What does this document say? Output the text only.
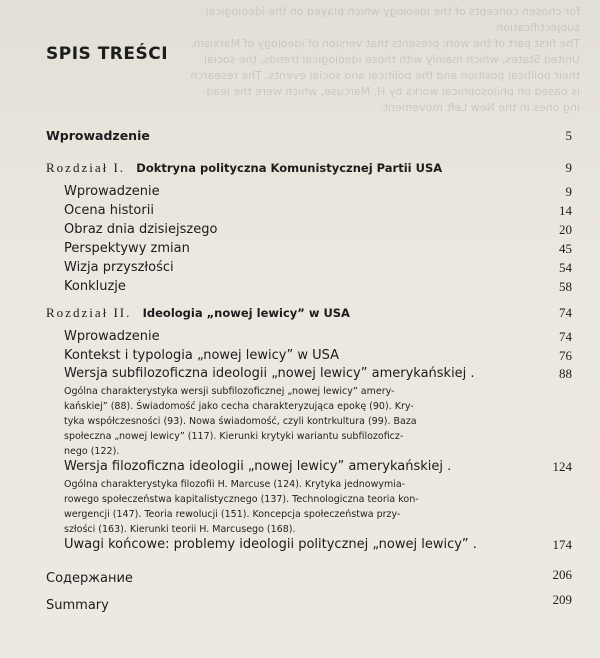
for chosen concepts of the ideology which played on the ideological
subjectification.
The first part of the work presents that version of ideology of Marxism.
United States, which mainly with those ideological trends, the social
their political position and the political and social events. The research
is based on philosophical works by H. Marcuse, which were the lead-
ing ones in the New Left movement.
SPIS TREŚCI
Wprowadzenie	5
Rozdział I. Doktryna polityczna Komunistycznej Partii USA	9
Wprowadzenie	9
Ocena historii	14
Obraz dnia dzisiejszego	20
Perspektywy zmian	45
Wizja przyszłości	54
Konkluzje	58
Rozdział II. Ideologia „nowej lewicy” w USA	74
Wprowadzenie	74
Kontekst i typologia „nowej lewicy” w USA	76
Wersja subfilozoficzna ideologii „nowej lewicy” amerykańskiej .	88
Ogólna charakterystyka wersji subfilozoficznej „nowej lewicy” amery-
kańskiej” (88). Świadomość jako cecha charakteryzująca epokę (90). Kry-
tyka współczesności (93). Nowa świadomość, czyli kontrkultura (99). Baza
społeczna „nowej lewicy” (117). Kierunki krytyki wariantu subfilozoficz-
nego (122).
Wersja filozoficzna ideologii „nowej lewicy” amerykańskiej .	124
Ogólna charakterystyka filozofii H. Marcuse (124). Krytyka jednowymia-
rowego społeczeństwa kapitalistycznego (137). Technologiczna teoria kon-
wergencji (147). Teoria rewolucji (151). Koncepcja społeczeństwa przy-
szłości (163). Kierunki teorii H. Marcusego (168).
Uwagi końcowe: problemy ideologii politycznej „nowej lewicy” .	174
Содержание	206
Summary	209
